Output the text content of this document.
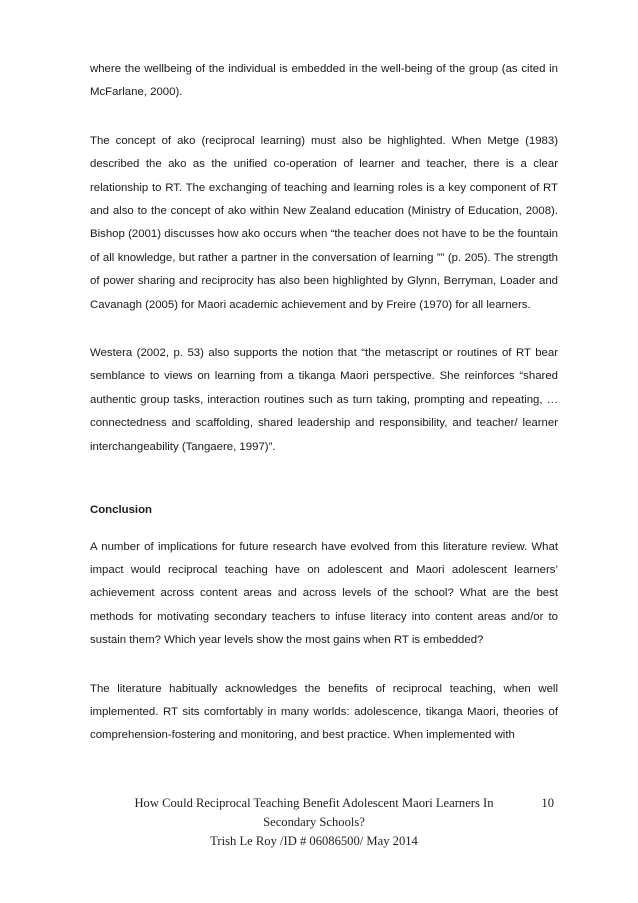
where the wellbeing of the individual is embedded in the well-being of the group (as cited in McFarlane, 2000).

The concept of ako (reciprocal learning) must also be highlighted. When Metge (1983) described the ako as the unified co-operation of learner and teacher, there is a clear relationship to RT. The exchanging of teaching and learning roles is a key component of RT and also to the concept of ako within New Zealand education (Ministry of Education, 2008). Bishop (2001) discusses how ako occurs when “the teacher does not have to be the fountain of all knowledge, but rather a partner in the conversation of learning ”” (p. 205). The strength of power sharing and reciprocity has also been highlighted by Glynn, Berryman, Loader and Cavanagh (2005) for Maori academic achievement and by Freire (1970) for all learners.

Westera (2002, p. 53) also supports the notion that “the metascript or routines of RT bear semblance to views on learning from a tikanga Maori perspective. She reinforces “shared authentic group tasks, interaction routines such as turn taking, prompting and repeating, … connectedness and scaffolding, shared leadership and responsibility, and teacher/ learner interchangeability (Tangaere, 1997)”.

Conclusion

A number of implications for future research have evolved from this literature review. What impact would reciprocal teaching have on adolescent and Maori adolescent learners’ achievement across content areas and across levels of the school? What are the best methods for motivating secondary teachers to infuse literacy into content areas and/or to sustain them? Which year levels show the most gains when RT is embedded?

The literature habitually acknowledges the benefits of reciprocal teaching, when well implemented. RT sits comfortably in many worlds: adolescence, tikanga Maori, theories of comprehension-fostering and monitoring, and best practice. When implemented with

How Could Reciprocal Teaching Benefit Adolescent Maori Learners In
Secondary Schools?
Trish Le Roy /ID # 06086500/ May 2014
10
